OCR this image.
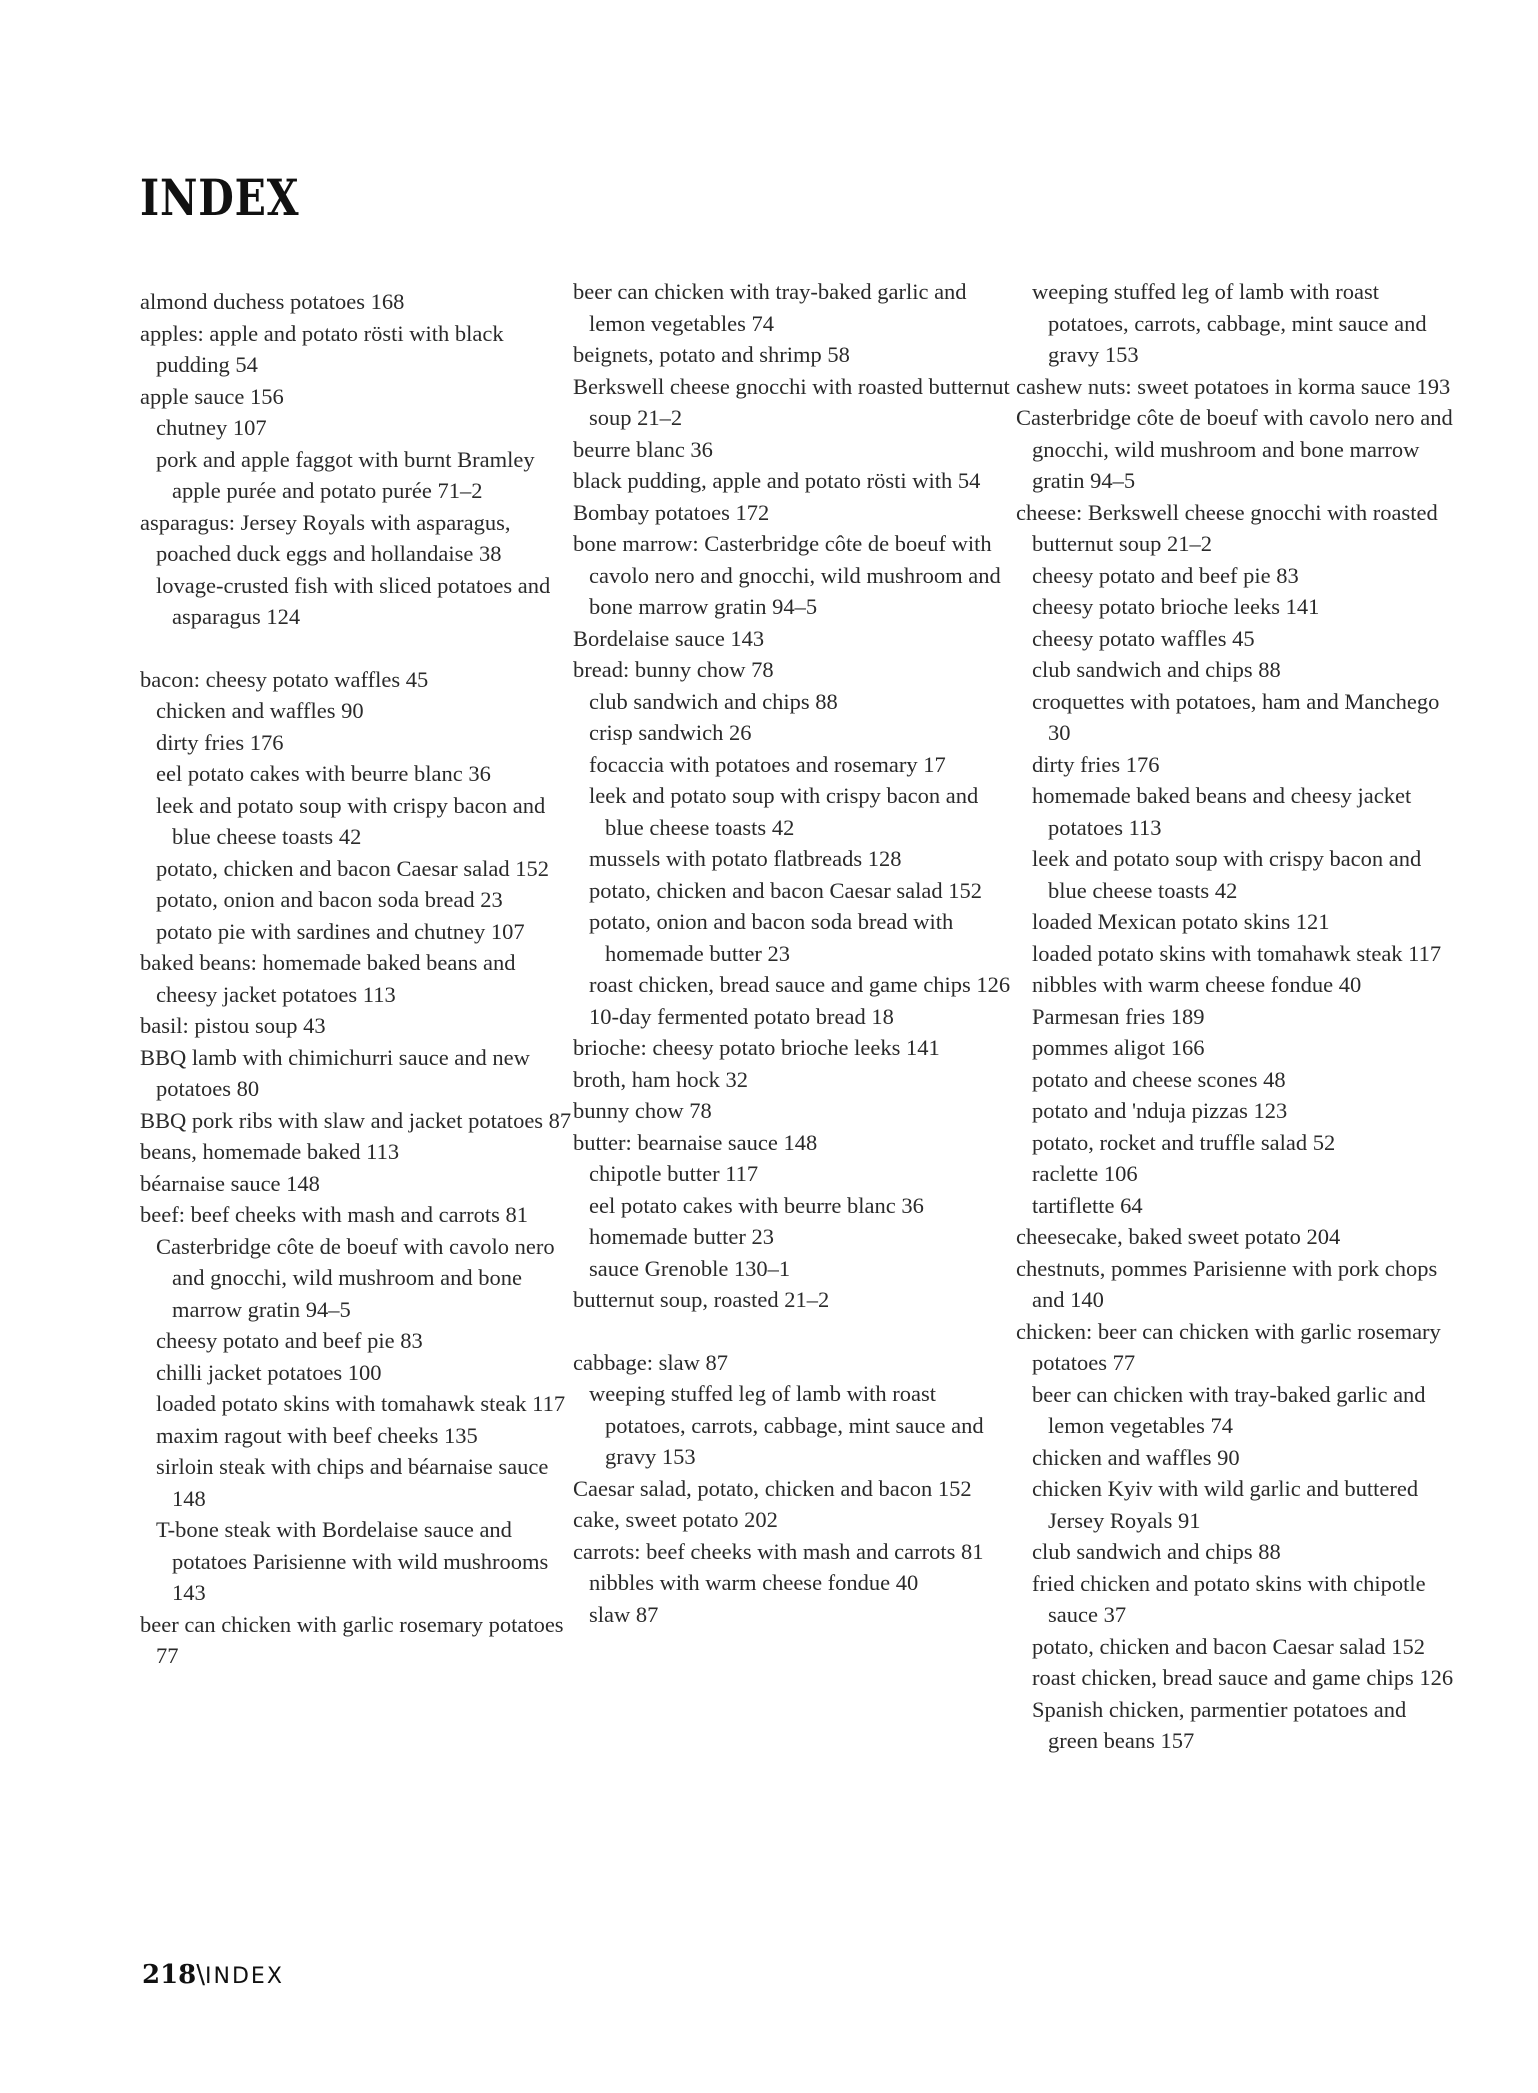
INDEX
almond duchess potatoes 168
apples: apple and potato rösti with black pudding 54
apple sauce 156
chutney 107
pork and apple faggot with burnt Bramley apple purée and potato purée 71–2
asparagus: Jersey Royals with asparagus, poached duck eggs and hollandaise 38
lovage-crusted fish with sliced potatoes and asparagus 124
bacon: cheesy potato waffles 45
chicken and waffles 90
dirty fries 176
eel potato cakes with beurre blanc 36
leek and potato soup with crispy bacon and blue cheese toasts 42
potato, chicken and bacon Caesar salad 152
potato, onion and bacon soda bread 23
potato pie with sardines and chutney 107
baked beans: homemade baked beans and cheesy jacket potatoes 113
basil: pistou soup 43
BBQ lamb with chimichurri sauce and new potatoes 80
BBQ pork ribs with slaw and jacket potatoes 87
beans, homemade baked 113
béarnaise sauce 148
beef: beef cheeks with mash and carrots 81
Casterbridge côte de boeuf with cavolo nero and gnocchi, wild mushroom and bone marrow gratin 94–5
cheesy potato and beef pie 83
chilli jacket potatoes 100
loaded potato skins with tomahawk steak 117
maxim ragout with beef cheeks 135
sirloin steak with chips and béarnaise sauce 148
T-bone steak with Bordelaise sauce and potatoes Parisienne with wild mushrooms 143
beer can chicken with garlic rosemary potatoes 77
beer can chicken with tray-baked garlic and lemon vegetables 74
beignets, potato and shrimp 58
Berkswell cheese gnocchi with roasted butternut soup 21–2
beurre blanc 36
black pudding, apple and potato rösti with 54
Bombay potatoes 172
bone marrow: Casterbridge côte de boeuf with cavolo nero and gnocchi, wild mushroom and bone marrow gratin 94–5
Bordelaise sauce 143
bread: bunny chow 78
club sandwich and chips 88
crisp sandwich 26
focaccia with potatoes and rosemary 17
leek and potato soup with crispy bacon and blue cheese toasts 42
mussels with potato flatbreads 128
potato, chicken and bacon Caesar salad 152
potato, onion and bacon soda bread with homemade butter 23
roast chicken, bread sauce and game chips 126
10-day fermented potato bread 18
brioche: cheesy potato brioche leeks 141
broth, ham hock 32
bunny chow 78
butter: bearnaise sauce 148
chipotle butter 117
eel potato cakes with beurre blanc 36
homemade butter 23
sauce Grenoble 130–1
butternut soup, roasted 21–2
cabbage: slaw 87
weeping stuffed leg of lamb with roast potatoes, carrots, cabbage, mint sauce and gravy 153
Caesar salad, potato, chicken and bacon 152
cake, sweet potato 202
carrots: beef cheeks with mash and carrots 81
nibbles with warm cheese fondue 40
slaw 87
weeping stuffed leg of lamb with roast potatoes, carrots, cabbage, mint sauce and gravy 153
cashew nuts: sweet potatoes in korma sauce 193
Casterbridge côte de boeuf with cavolo nero and gnocchi, wild mushroom and bone marrow gratin 94–5
cheese: Berkswell cheese gnocchi with roasted butternut soup 21–2
cheesy potato and beef pie 83
cheesy potato brioche leeks 141
cheesy potato waffles 45
club sandwich and chips 88
croquettes with potatoes, ham and Manchego 30
dirty fries 176
homemade baked beans and cheesy jacket potatoes 113
leek and potato soup with crispy bacon and blue cheese toasts 42
loaded Mexican potato skins 121
loaded potato skins with tomahawk steak 117
nibbles with warm cheese fondue 40
Parmesan fries 189
pommes aligot 166
potato and cheese scones 48
potato and 'nduja pizzas 123
potato, rocket and truffle salad 52
raclette 106
tartiflette 64
cheesecake, baked sweet potato 204
chestnuts, pommes Parisienne with pork chops and 140
chicken: beer can chicken with garlic rosemary potatoes 77
beer can chicken with tray-baked garlic and lemon vegetables 74
chicken and waffles 90
chicken Kyiv with wild garlic and buttered Jersey Royals 91
club sandwich and chips 88
fried chicken and potato skins with chipotle sauce 37
potato, chicken and bacon Caesar salad 152
roast chicken, bread sauce and game chips 126
Spanish chicken, parmentier potatoes and green beans 157
218\INDEX
